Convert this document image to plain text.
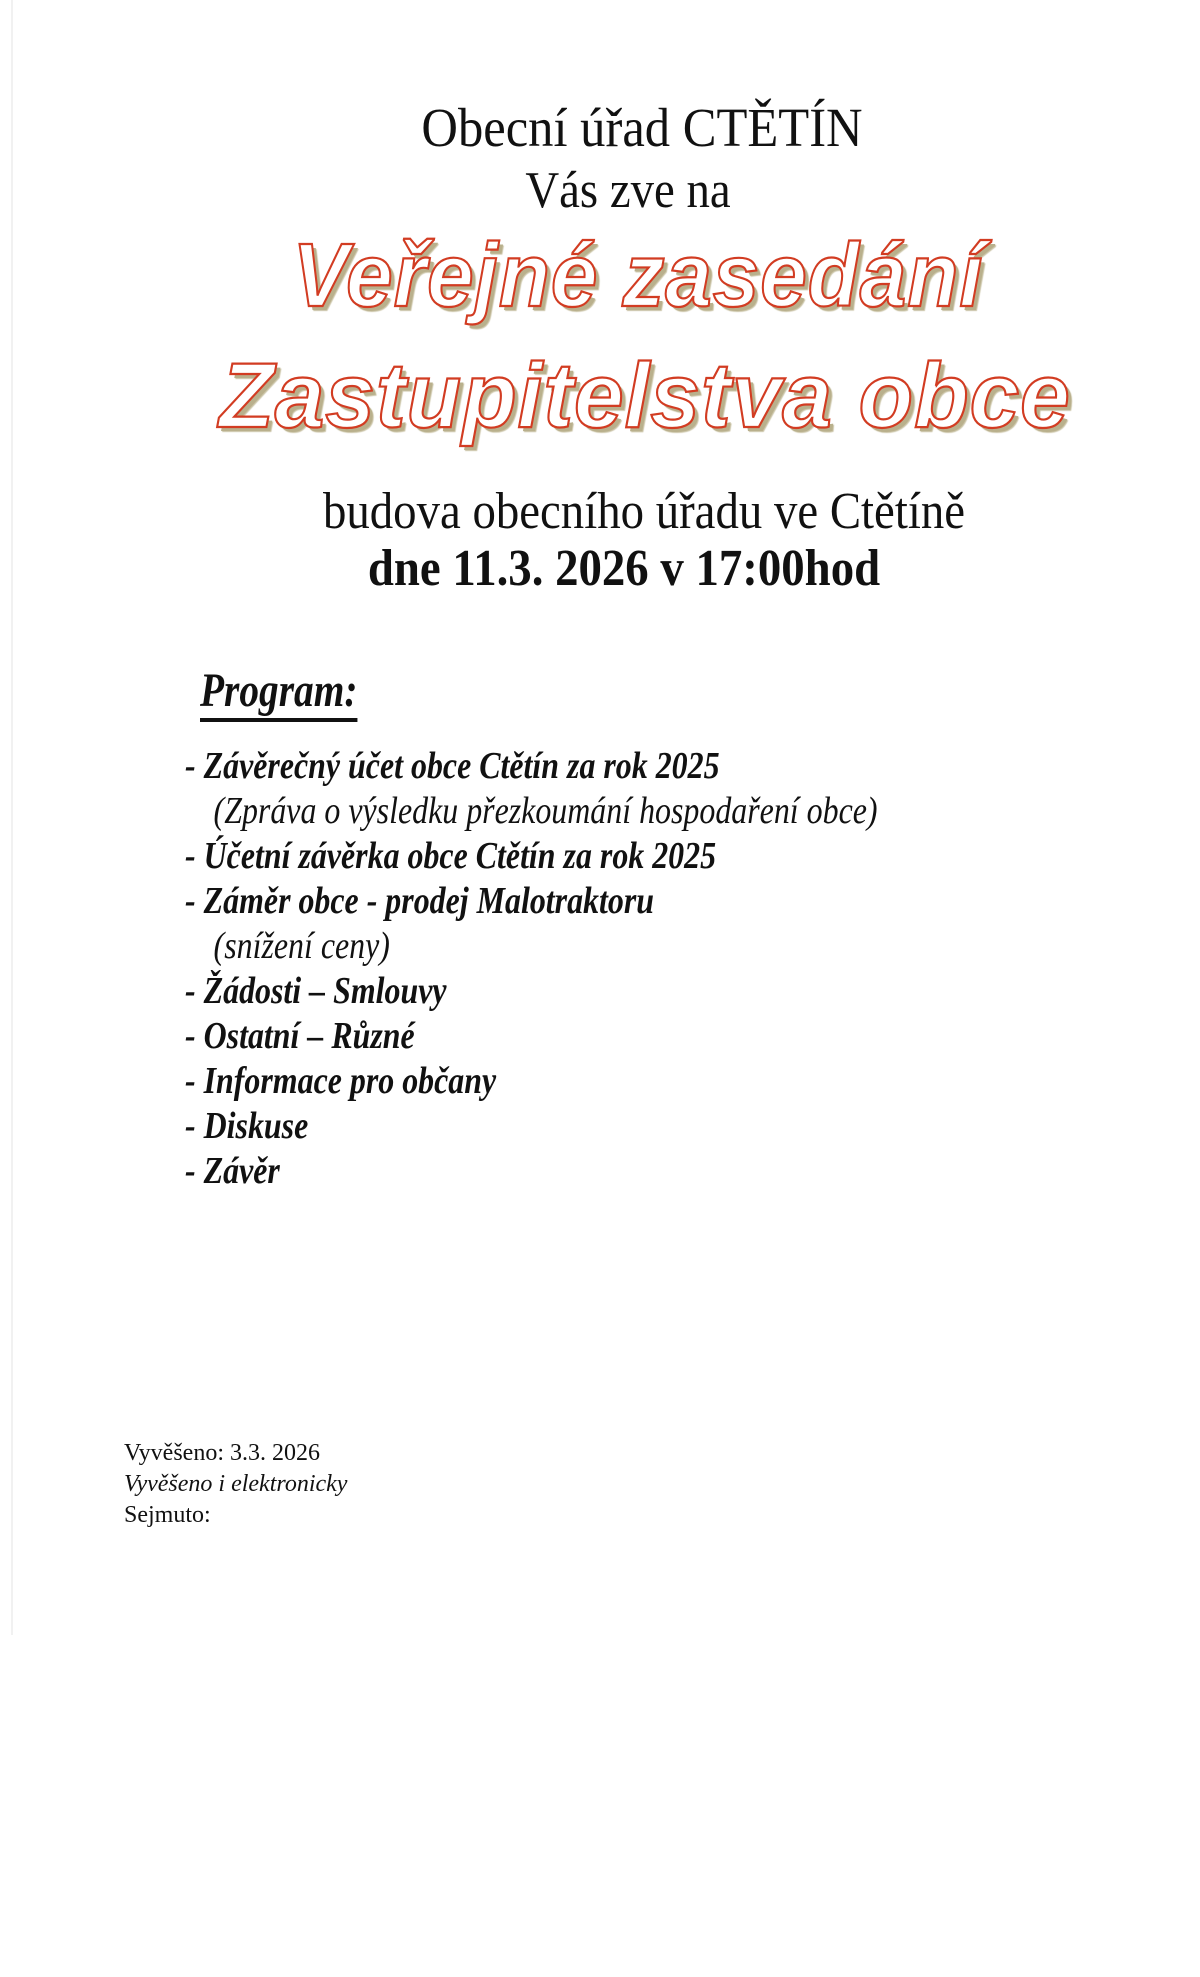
Obecní úřad CTĚTÍN
Vás zve na
Veřejné zasedání
Zastupitelstva obce
budova obecního úřadu ve Ctětíně
dne 11.3. 2026 v 17:00hod
Program:
- Závěrečný účet obce Ctětín za rok 2025
(Zpráva o výsledku přezkoumání hospodaření obce)
- Účetní závěrka obce Ctětín za rok 2025
- Záměr obce - prodej Malotraktoru
(snížení ceny)
- Žádosti – Smlouvy
- Ostatní – Různé
- Informace pro občany
- Diskuse
- Závěr
Vyvěšeno: 3.3. 2026
Vyvěšeno i elektronicky
Sejmuto:
